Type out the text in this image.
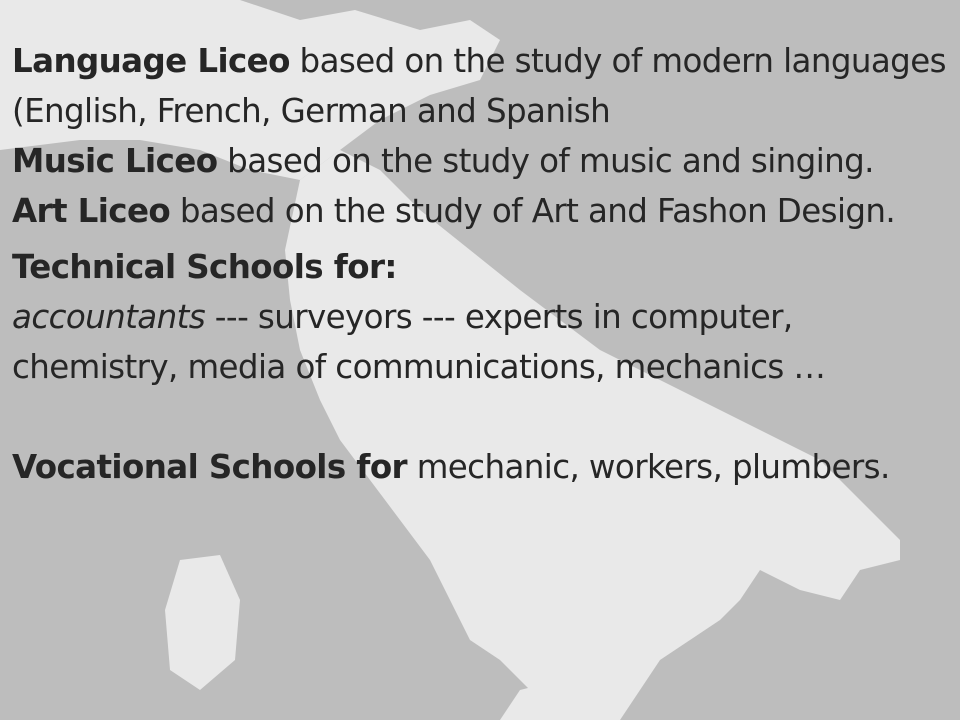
Language Liceo based on the study of modern languages (English, French, German and Spanish

Music Liceo based on the study of music and singing.

Art Liceo based on the study of Art and Fashon Design.

Technical Schools for:

accountants --- surveyors --- experts in computer, chemistry, media of communications, mechanics …

Vocational Schools for mechanic, workers, plumbers.
